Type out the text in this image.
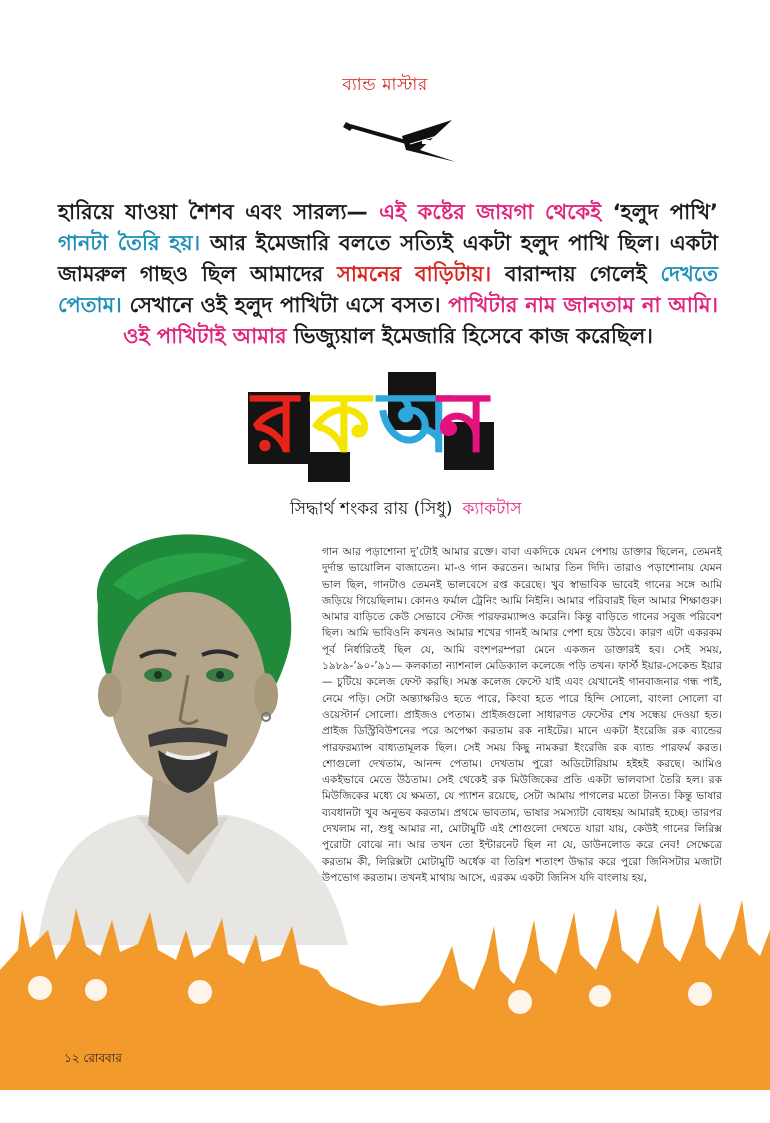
ব্যান্ড মাস্টার
হারিয়ে যাওয়া শৈশব এবং সারল্য— এই কষ্টের জায়গা থেকেই ‘হলুদ পাখি’ গানটা তৈরি হয়। আর ইমেজারি বলতে সত্যিই একটা হলুদ পাখি ছিল। একটা জামরুল গাছও ছিল আমাদের সামনের বাড়িটায়। বারান্দায় গেলেই দেখতে পেতাম। সেখানে ওই হলুদ পাখিটা এসে বসত। পাখিটার নাম জানতাম না আমি। ওই পাখিটাই আমার ভিজ্যুয়াল ইমেজারি হিসেবে কাজ করেছিল।
র ক অ
ন
সিদ্ধার্থ শংকর রায় (সিধু) ক্যাকটাস
গান আর পড়াশোনা দু’টোই আমার রক্তে। বাবা একদিকে যেমন পেশায় ডাক্তার ছিলেন, তেমনই দুর্দান্ত ভায়োলিন বাজাতেন। মা-ও গান করতেন। আমার তিন দিদি। তারাও পড়াশোনায় যেমন ভাল ছিল, গানটাও তেমনই ভালবেসে রপ্ত করেছে। খুব স্বাভাবিক ভাবেই গানের সঙ্গে আমি জড়িয়ে গিয়েছিলাম। কোনও ফর্মাল ট্রেনিং আমি নিইনি। আমার পরিবারই ছিল আমার শিক্ষাগুরু। আমার বাড়িতে কেউ সেভাবে স্টেজ পারফরম্যান্সও করেনি। কিন্তু বাড়িতে গানের সবুজ পরিবেশ ছিল। আমি ভাবিওনি কখনও আমার শখের গানই আমার পেশা হয়ে উঠবে। কারণ এটা একরকম পূর্ব নির্ধারিতই ছিল যে, আমি বংশপরম্পরা মেনে একজন ডাক্তারই হব। সেই সময়, ১৯৮৯-’৯০-’৯১— কলকাতা ন্যাশনাল মেডিক্যাল কলেজে পড়ি তখন। ফার্স্ট ইয়ার-সেকেন্ড ইয়ার— চুটিয়ে কলেজ ফেস্ট করছি। সমস্ত কলেজ ফেস্টে যাই এবং যেখানেই গানবাজনার গন্ধ পাই, নেমে পড়ি। সেটা অন্ত্যাক্ষরিও হতে পারে, কিংবা হতে পারে হিন্দি সোলো, বাংলা সোলো বা ওয়েস্টার্ন সোলো। প্রাইজও পেতাম। প্রাইজগুলো সাধারণত ফেস্টের শেষ সন্ধেয় দেওয়া হত। প্রাইজ ডিস্ট্রিবিউশনের পরে অপেক্ষা করতাম রক নাইটের। মানে একটা ইংরেজি রক ব্যান্ডের পারফরম্যান্স বাধ্যতামূলক ছিল। সেই সময় কিছু নামকরা ইংরেজি রক ব্যান্ড পারফর্ম করত। শোগুলো দেখতাম, আনন্দ পেতাম। দেখতাম পুরো অডিটোরিয়াম হইহই করছে। আমিও একইভাবে মেতে উঠতাম। সেই থেকেই রক মিউজিকের প্রতি একটা ভালবাসা তৈরি হল। রক মিউজিকের মধ্যে যে ক্ষমতা, যে প্যাশন রয়েছে, সেটা আমায় পাগলের মতো টানত। কিন্তু ভাষার ব্যবধানটা খুব অনুভব করতাম। প্রথমে ভাবতাম, ভাষার সমস্যাটা বোধহয় আমারই হচ্ছে। তারপর দেখলাম না, শুধু আমার না, মোটামুটি এই শোগুলো দেখতে যারা যায়, কেউই গানের লিরিক্স পুরোটা বোঝে না। আর তখন তো ইন্টারনেট ছিল না যে, ডাউনলোড করে নেব! সেক্ষেত্রে করতাম কী, লিরিক্সটা মোটামুটি অর্ধেক বা তিরিশ শতাংশ উদ্ধার করে পুরো জিনিসটার মজাটা উপভোগ করতাম। তখনই মাথায় আসে, এরকম একটা জিনিস যদি বাংলায় হয়,
১২ রোববার
